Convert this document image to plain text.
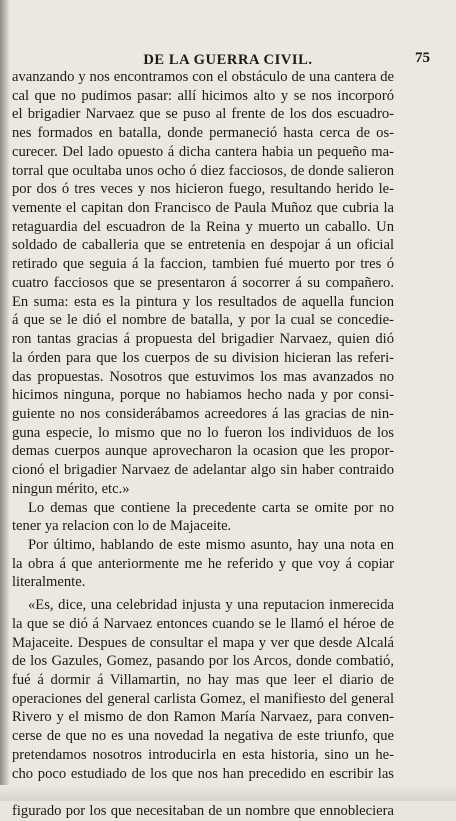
DE LA GUERRA CIVIL.	75
avanzando y nos encontramos con el obstáculo de una cantera de
cal que no pudimos pasar: allí hicimos alto y se nos incorporó
el brigadier Narvaez que se puso al frente de los dos escuadro-
nes formados en batalla, donde permaneció hasta cerca de os-
curecer. Del lado opuesto á dicha cantera habia un pequeño ma-
torral que ocultaba unos ocho ó diez facciosos, de donde salieron
por dos ó tres veces y nos hicieron fuego, resultando herido le-
vemente el capitan don Francisco de Paula Muñoz que cubria la
retaguardia del escuadron de la Reina y muerto un caballo. Un
soldado de caballeria que se entretenia en despojar á un oficial
retirado que seguia á la faccion, tambien fué muerto por tres ó
cuatro facciosos que se presentaron á socorrer á su compañero.
En suma: esta es la pintura y los resultados de aquella funcion
á que se le dió el nombre de batalla, y por la cual se concedie-
ron tantas gracias á propuesta del brigadier Narvaez, quien dió
la órden para que los cuerpos de su division hicieran las referi-
das propuestas. Nosotros que estuvimos los mas avanzados no
hicimos ninguna, porque no habiamos hecho nada y por consi-
guiente no nos considerábamos acreedores á las gracias de nin-
guna especie, lo mismo que no lo fueron los individuos de los
demas cuerpos aunque aprovecharon la ocasion que les propor-
cionó el brigadier Narvaez de adelantar algo sin haber contraido
ningun mérito, etc.»
Lo demas que contiene la precedente carta se omite por no
tener ya relacion con lo de Majaceite.
Por último, hablando de este mismo asunto, hay una nota en
la obra á que anteriormente me he referido y que voy á copiar
literalmente.
«Es, dice, una celebridad injusta y una reputacion inmerecida
la que se dió á Narvaez entonces cuando se le llamó el héroe de
Majaceite. Despues de consultar el mapa y ver que desde Alcalá
de los Gazules, Gomez, pasando por los Arcos, donde combatió,
fué á dormir á Villamartin, no hay mas que leer el diario de
operaciones del general carlista Gomez, el manifiesto del general
Rivero y el mismo de don Ramon María Narvaez, para conven-
cerse de que no es una novedad la negativa de este triunfo, que
pretendamos nosotros introducirla en esta historia, sino un he-
cho poco estudiado de los que nos han precedido en escribir las
figurado por los que necesitaban de un nombre que ennobleciera
